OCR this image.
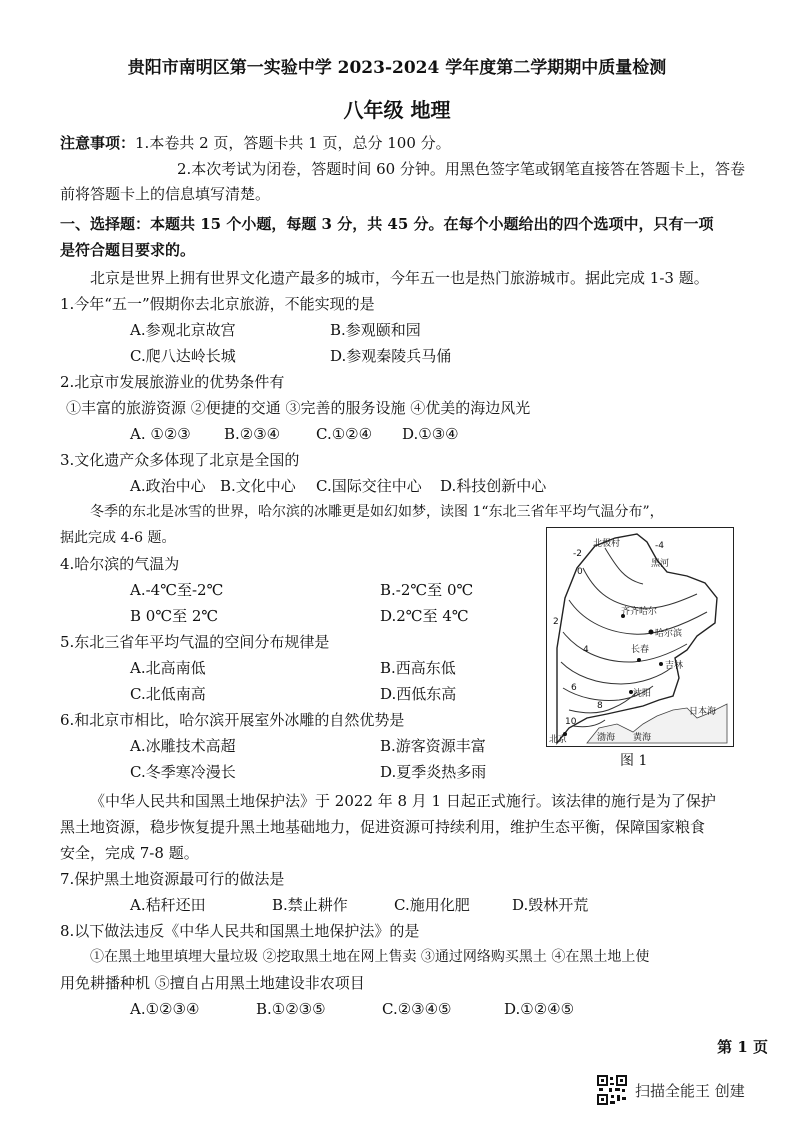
贵阳市南明区第一实验中学 2023-2024 学年度第二学期期中质量检测
八年级 地理
注意事项：1.本卷共 2 页，答题卡共 1 页，总分 100 分。
2.本次考试为闭卷，答题时间 60 分钟。用黑色签字笔或钢笔直接答在答题卡上，答卷
前将答题卡上的信息填写清楚。
一、选择题：本题共 15 个小题，每题 3 分，共 45 分。在每个小题给出的四个选项中，只有一项
是符合题目要求的。
北京是世界上拥有世界文化遗产最多的城市，今年五一也是热门旅游城市。据此完成 1-3 题。
1.今年“五一”假期你去北京旅游，不能实现的是
A.参观北京故宫	B.参观颐和园
C.爬八达岭长城	D.参观秦陵兵马俑
2.北京市发展旅游业的优势条件有
①丰富的旅游资源 ②便捷的交通 ③完善的服务设施 ④优美的海边风光
A. ①②③ B.②③④ C.①②④ D.①③④
3.文化遗产众多体现了北京是全国的
A.政治中心 B.文化中心 C.国际交往中心 D.科技创新中心
冬季的东北是冰雪的世界，哈尔滨的冰雕更是如幻如梦，读图 1“东北三省年平均气温分布”，
据此完成 4-6 题。
4.哈尔滨的气温为
A.-4℃至-2℃	B.-2℃至 0℃
B 0℃至 2℃	D.2℃至 4℃
5.东北三省年平均气温的空间分布规律是
A.北高南低	B.西高东低
C.北低南高	D.西低东高
6.和北京市相比，哈尔滨开展室外冰雕的自然优势是
A.冰雕技术高超	B.游客资源丰富
C.冬季寒冷漫长	D.夏季炎热多雨
-2
0
-4
2
4
6
8
10
北极村
黑河
齐齐哈尔
哈尔滨
长春
吉林
沈阳
北京	渤海 黄海
日本海
图 1
《中华人民共和国黑土地保护法》于 2022 年 8 月 1 日起正式施行。该法律的施行是为了保护
黑土地资源，稳步恢复提升黑土地基础地力，促进资源可持续利用，维护生态平衡，保障国家粮食
安全，完成 7-8 题。
7.保护黑土地资源最可行的做法是
A.秸秆还田	B.禁止耕作	C.施用化肥	D.毁林开荒
8.以下做法违反《中华人民共和国黑土地保护法》的是
①在黑土地里填埋大量垃圾 ②挖取黑土地在网上售卖 ③通过网络购买黑土 ④在黑土地上使
用免耕播种机 ⑤擅自占用黑土地建设非农项目
A.①②③④	B.①②③⑤	C.②③④⑤	D.①②④⑤
第 1 页
扫描全能王 创建
